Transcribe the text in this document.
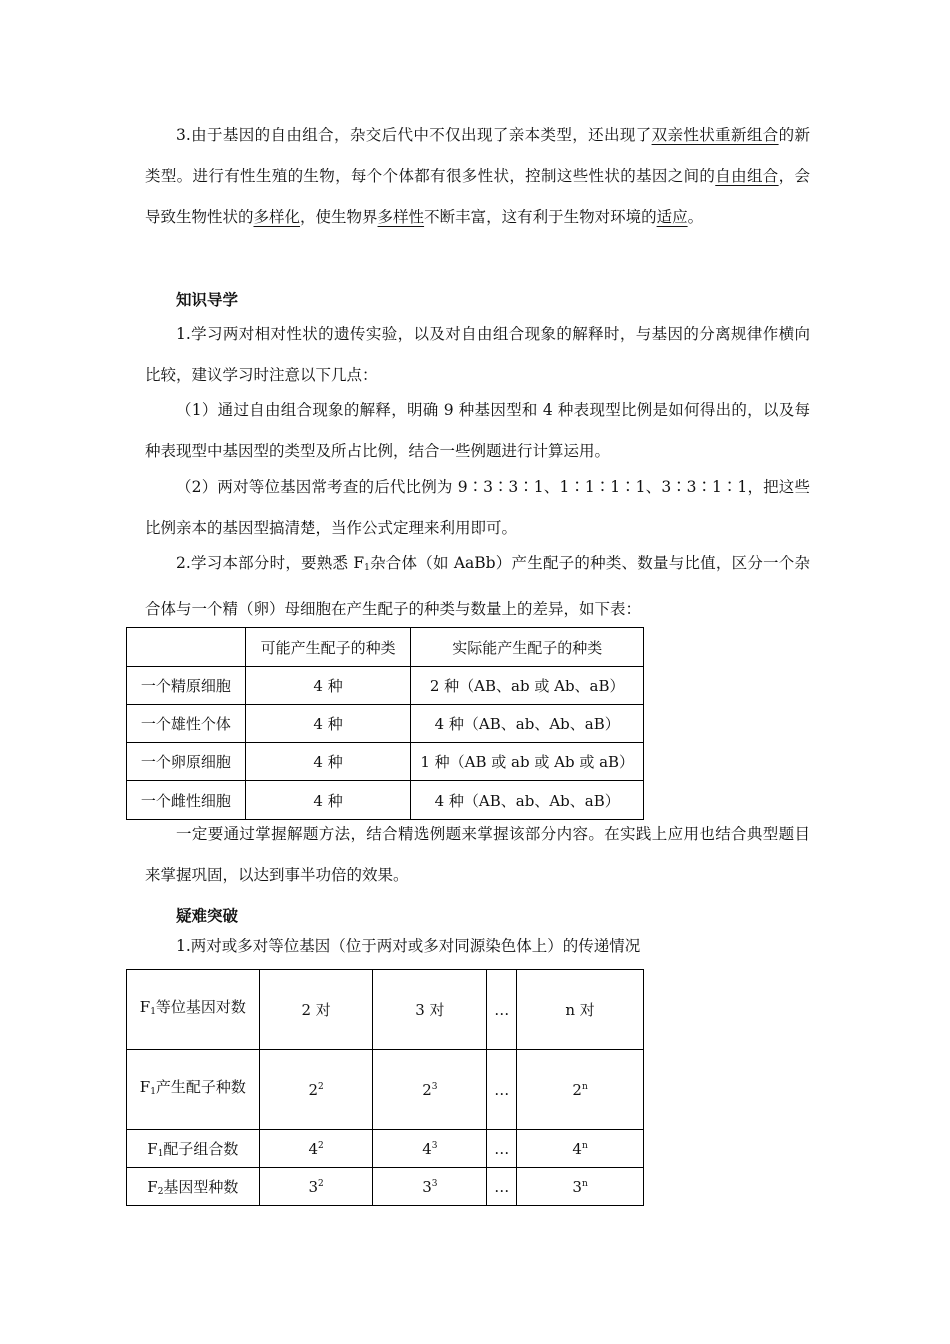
3.由于基因的自由组合，杂交后代中不仅出现了亲本类型，还出现了双亲性状重新组合的新类型。进行有性生殖的生物，每个个体都有很多性状，控制这些性状的基因之间的自由组合，会导致生物性状的多样化，使生物界多样性不断丰富，这有利于生物对环境的适应。

知识导学

1.学习两对相对性状的遗传实验，以及对自由组合现象的解释时，与基因的分离规律作横向比较，建议学习时注意以下几点：

（1）通过自由组合现象的解释，明确 9 种基因型和 4 种表现型比例是如何得出的，以及每种表现型中基因型的类型及所占比例，结合一些例题进行计算运用。

（2）两对等位基因常考查的后代比例为 9∶3∶3∶1、1∶1∶1∶1、3∶3∶1∶1，把这些比例亲本的基因型搞清楚，当作公式定理来利用即可。

2.学习本部分时，要熟悉 $F_1$杂合体（如 AaBb）产生配子的种类、数量与比值，区分一个杂合体与一个精（卵）母细胞在产生配子的种类与数量上的差异，如下表：

	可能产生配子的种类	实际能产生配子的种类
一个精原细胞	4 种	2 种（AB、ab 或 Ab、aB）
一个雄性个体	4 种	4 种（AB、ab、Ab、aB）
一个卵原细胞	4 种	1 种（AB 或 ab 或 Ab 或 aB）
一个雌性细胞	4 种	4 种（AB、ab、Ab、aB）

一定要通过掌握解题方法，结合精选例题来掌握该部分内容。在实践上应用也结合典型题目来掌握巩固，以达到事半功倍的效果。

疑难突破

1.两对或多对等位基因（位于两对或多对同源染色体上）的传递情况

$F_1$等位基因对数	2 对	3 对	…	n 对
$F_1$产生配子种数	$2^2$	$2^3$	…	2$^n$
$F_1$配子组合数	$4^2$	$4^3$	…	4$^n$
$F_2$基因型种数	$3^2$	$3^3$	…	3$^n$
